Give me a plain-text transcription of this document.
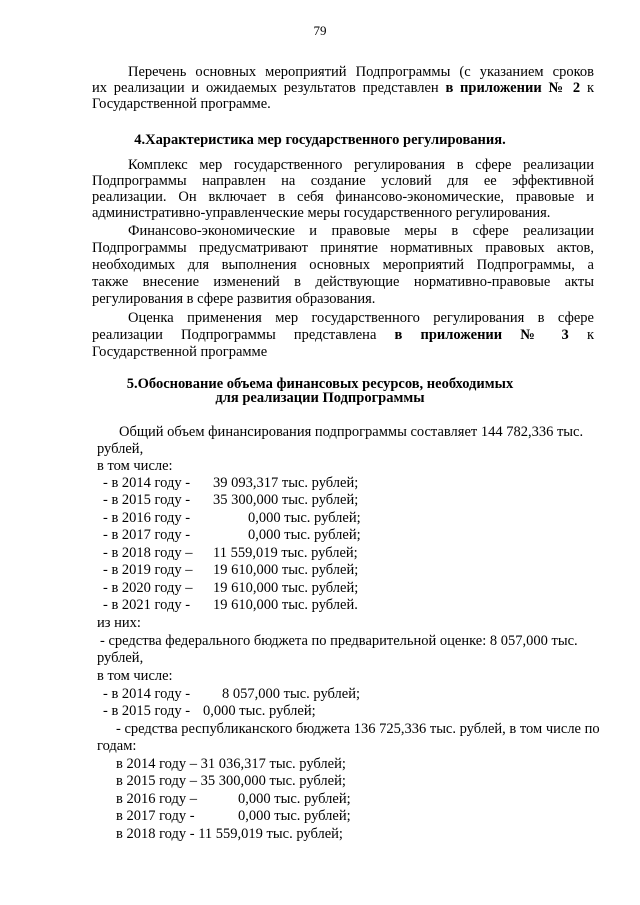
79
Перечень основных мероприятий Подпрограммы (с указанием сроков
их реализации и ожидаемых результатов представлен в приложении № 2 к
Государственной программе.
4.Характеристика мер государственного регулирования.
Комплекс мер государственного регулирования в сфере реализации
Подпрограммы направлен на создание условий для ее эффективной
реализации. Он включает в себя финансово-экономические, правовые и
административно-управленческие меры государственного регулирования.
Финансово-экономические и правовые меры в сфере реализации
Подпрограммы предусматривают принятие нормативных правовых актов,
необходимых для выполнения основных мероприятий Подпрограммы, а
также внесение изменений в действующие нормативно-правовые акты
регулирования в сфере развития образования.
Оценка применения мер государственного регулирования в сфере
реализации Подпрограммы представлена в приложении № 3 к
Государственной программе
5.Обоснование объема финансовых ресурсов, необходимых
для реализации Подпрограммы
Общий объем финансирования подпрограммы составляет 144 782,336 тыс.
рублей,
в том числе:
- в 2014 году - 39 093,317 тыс. рублей;
- в 2015 году - 35 300,000 тыс. рублей;
- в 2016 году -	0,000 тыс. рублей;
- в 2017 году -	0,000 тыс. рублей;
- в 2018 году – 11 559,019 тыс. рублей;
- в 2019 году – 19 610,000 тыс. рублей;
- в 2020 году – 19 610,000 тыс. рублей;
- в 2021 году - 19 610,000 тыс. рублей.
из них:
- средства федерального бюджета по предварительной оценке: 8 057,000 тыс.
рублей,
в том числе:
- в 2014 году - 8 057,000 тыс. рублей;
- в 2015 году - 0,000 тыс. рублей;
- средства республиканского бюджета 136 725,336 тыс. рублей, в том числе по
годам:
в 2014 году – 31 036,317 тыс. рублей;
в 2015 году – 35 300,000 тыс. рублей;
в 2016 году –	0,000 тыс. рублей;
в 2017 году -	0,000 тыс. рублей;
в 2018 году - 11 559,019 тыс. рублей;
